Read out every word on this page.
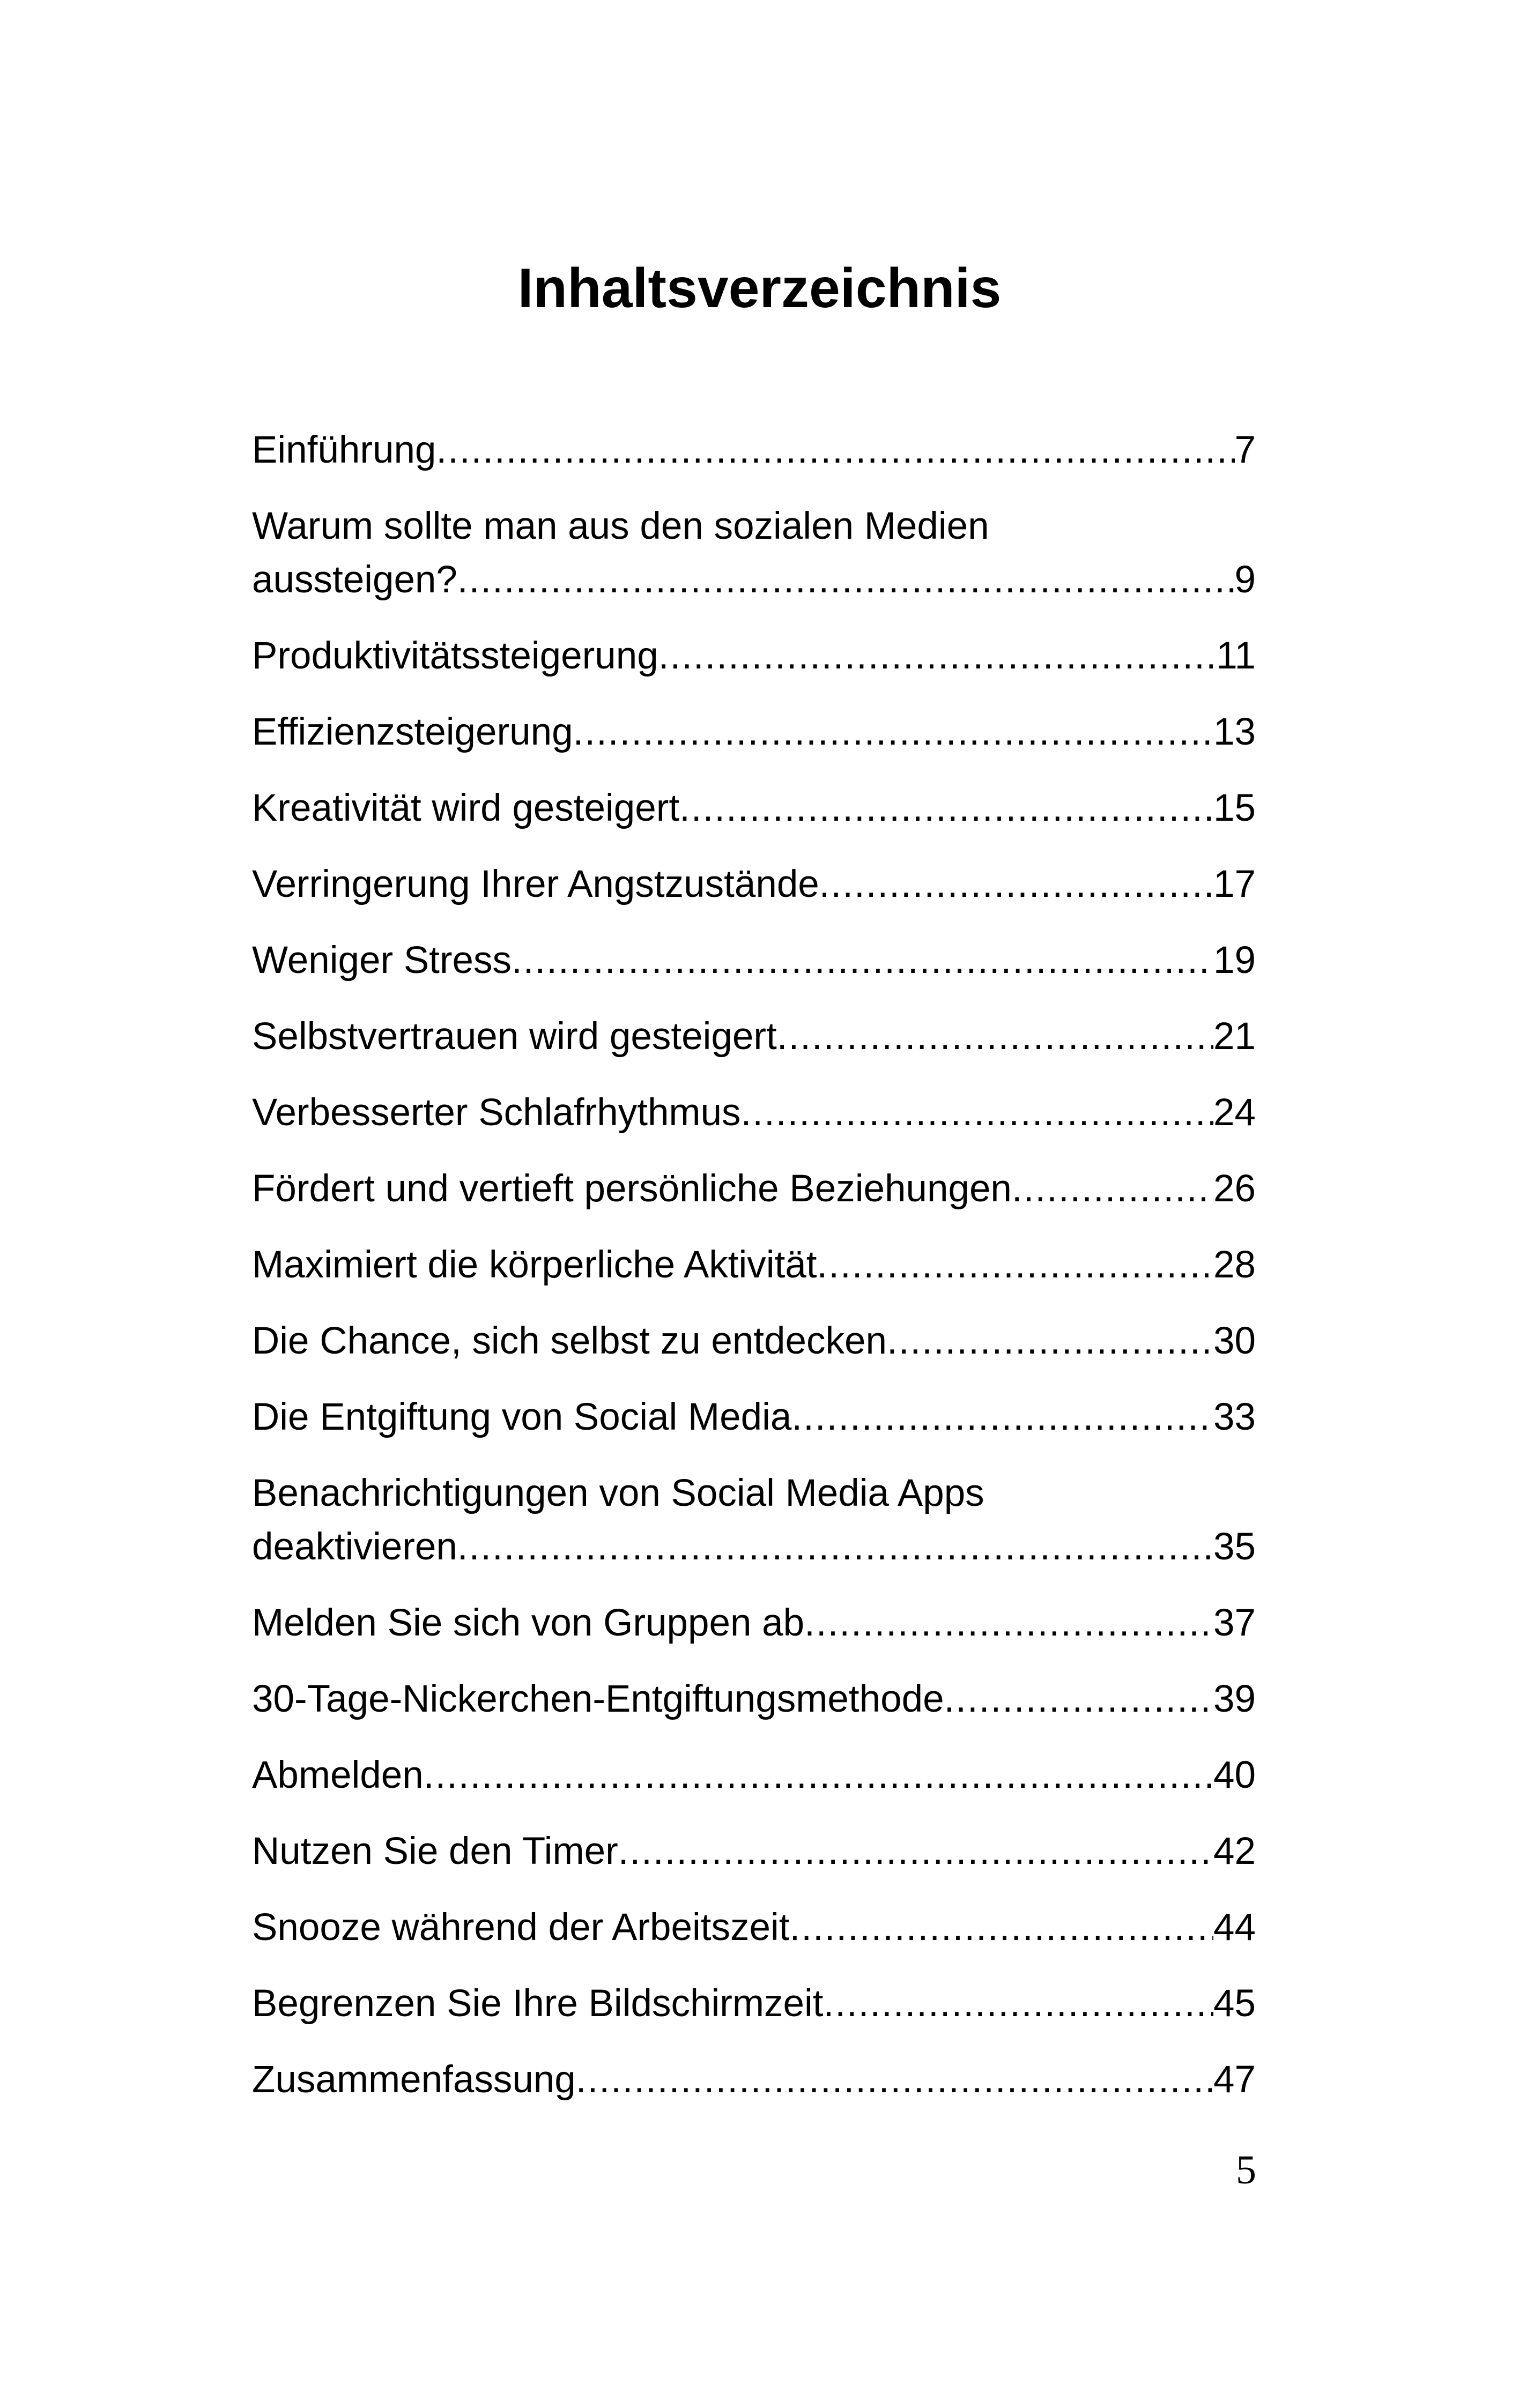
Inhaltsverzeichnis
Einführung .....	7
Warum sollte man aus den sozialen Medien
aussteigen? .....	9
Produktivitätssteigerung .....	11
Effizienzsteigerung .....	13
Kreativität wird gesteigert .....	15
Verringerung Ihrer Angstzustände .....	17
Weniger Stress .....	19
Selbstvertrauen wird gesteigert .....	21
Verbesserter Schlafrhythmus .....	24
Fördert und vertieft persönliche Beziehungen .....	26
Maximiert die körperliche Aktivität .....	28
Die Chance, sich selbst zu entdecken .....	30
Die Entgiftung von Social Media .....	33
Benachrichtigungen von Social Media Apps
deaktivieren .....	35
Melden Sie sich von Gruppen ab .....	37
30-Tage-Nickerchen-Entgiftungsmethode .....	39
Abmelden .....	40
Nutzen Sie den Timer .....	42
Snooze während der Arbeitszeit .....	44
Begrenzen Sie Ihre Bildschirmzeit .....	45
Zusammenfassung .....	47
5
